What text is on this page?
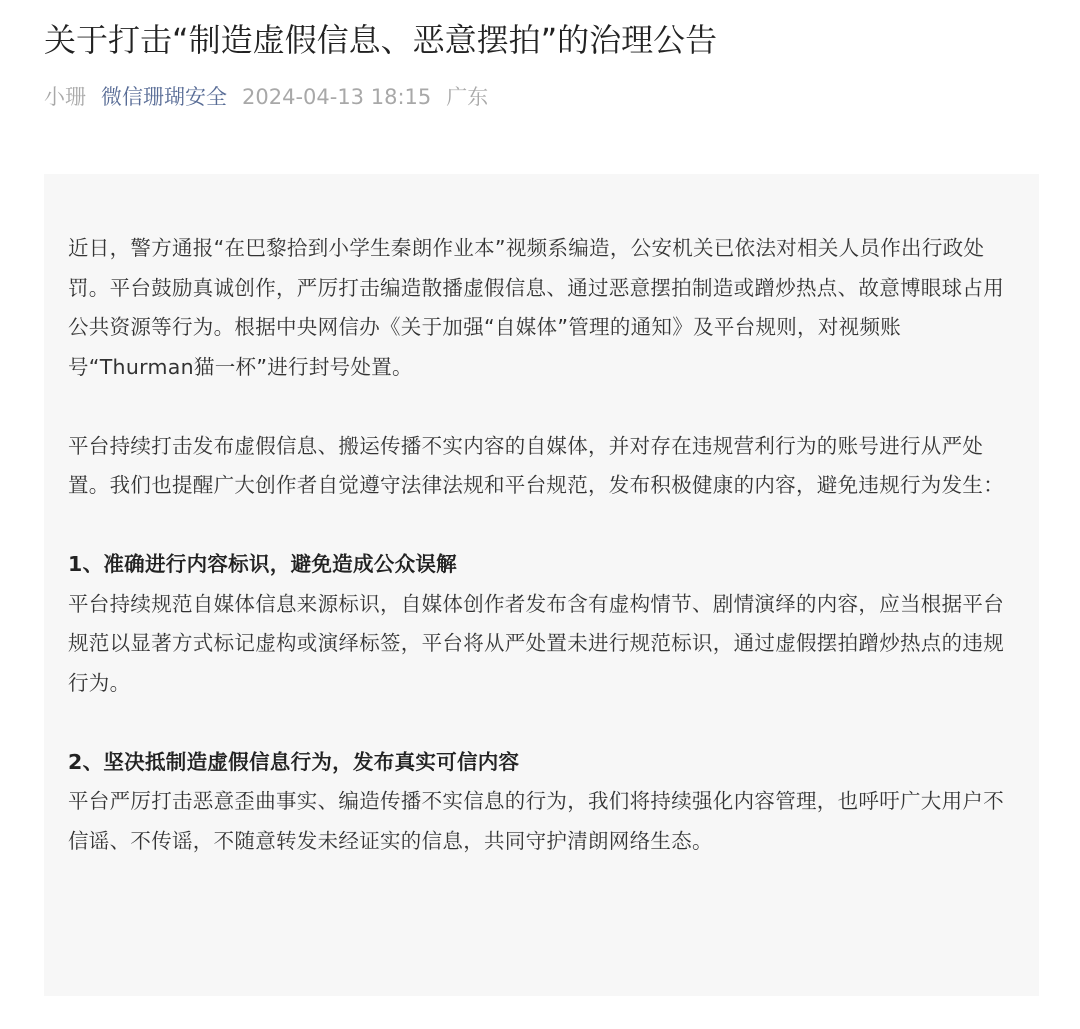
关于打击“制造虚假信息、恶意摆拍”的治理公告
小珊 微信珊瑚安全 2024-04-13 18:15 广东

近日，警方通报“在巴黎拾到小学生秦朗作业本”视频系编造，公安机关已依法对相关人员作出行政处罚。平台鼓励真诚创作，严厉打击编造散播虚假信息、通过恶意摆拍制造或蹭炒热点、故意博眼球占用公共资源等行为。根据中央网信办《关于加强“自媒体”管理的通知》及平台规则，对视频账号“Thurman猫一杯”进行封号处置。

平台持续打击发布虚假信息、搬运传播不实内容的自媒体，并对存在违规营利行为的账号进行从严处置。我们也提醒广大创作者自觉遵守法律法规和平台规范，发布积极健康的内容，避免违规行为发生：

1、准确进行内容标识，避免造成公众误解

平台持续规范自媒体信息来源标识，自媒体创作者发布含有虚构情节、剧情演绎的内容，应当根据平台规范以显著方式标记虚构或演绎标签，平台将从严处置未进行规范标识，通过虚假摆拍蹭炒热点的违规行为。

2、坚决抵制造虚假信息行为，发布真实可信内容

平台严厉打击恶意歪曲事实、编造传播不实信息的行为，我们将持续强化内容管理，也呼吁广大用户不信谣、不传谣，不随意转发未经证实的信息，共同守护清朗网络生态。
